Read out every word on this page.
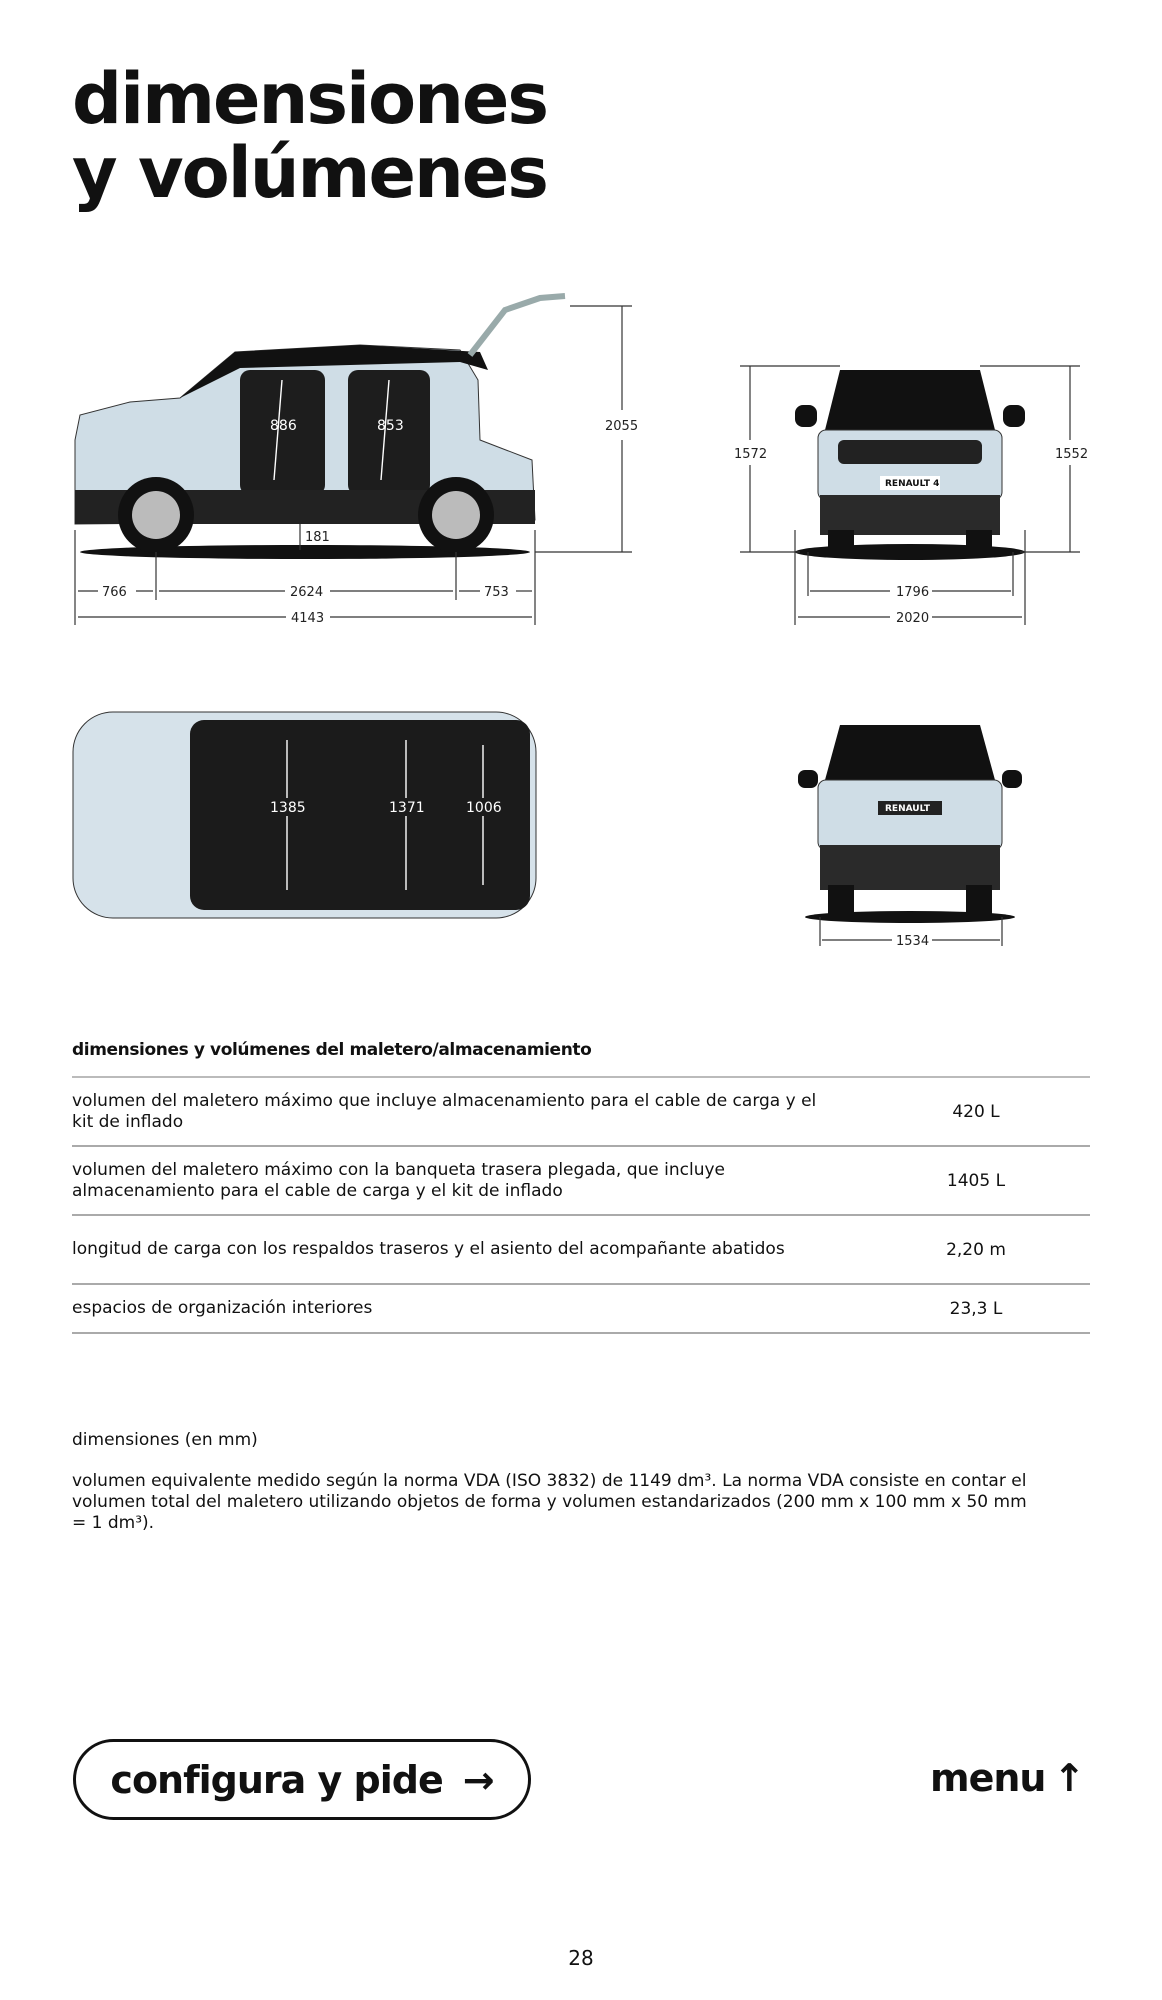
dimensiones
y volúmenes
886	853
181
2055
766	2624	753
4143
RENAULT 4
1572	1552
1796
2020
1385	1371	1006	RENAULT
1534
dimensiones y volúmenes del maletero/almacenamiento
volumen del maletero máximo que incluye almacenamiento para el cable de carga y el kit de inflado	420 L
volumen del maletero máximo con la banqueta trasera plegada, que incluye almacenamiento para el cable de carga y el kit de inflado	1405 L
longitud de carga con los respaldos traseros y el asiento del acompañante abatidos	2,20 m
espacios de organización interiores	23,3 L

dimensiones (en mm)

volumen equivalente medido según la norma VDA (ISO 3832) de 1149 dm³. La norma VDA consiste en contar el volumen total del maletero utilizando objetos de forma y volumen estandarizados (200 mm x 100 mm x 50 mm = 1 dm³).

configura y pide →	menu ↑
28
